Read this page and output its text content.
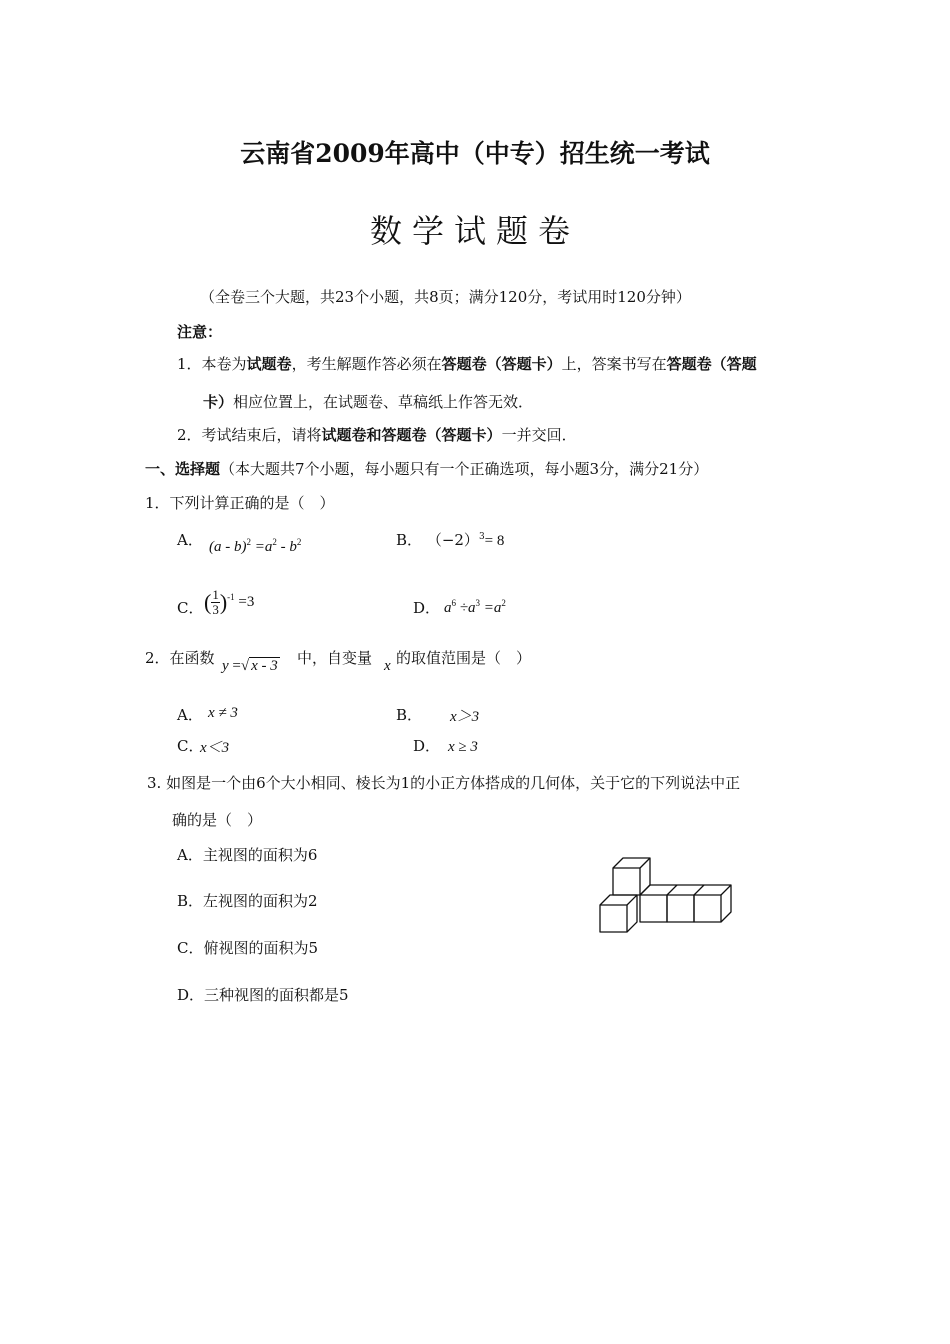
云南省2009年高中（中专）招生统一考试
数学试题卷
（全卷三个大题，共23个小题，共8页；满分120分，考试用时120分钟）
注意：
1．本卷为试题卷，考生解题作答必须在答题卷（答题卡）上，答案书写在答题卷（答题
卡）相应位置上，在试题卷、草稿纸上作答无效．
2．考试结束后，请将试题卷和答题卷（答题卡）一并交回．
一、选择题（本大题共7个小题，每小题只有一个正确选项，每小题3分，满分21分）
1．下列计算正确的是（　）
A． $(a - b)^2 =a^2 - b^2$	B． $(-2)^3= 8$
C． ( $\frac{1}{3} )^{-1} =3$	D． $a^6 \div a^3 =a^2$
2．在函数 y =√ x - 3 中，自变量 x 的取值范围是（　）
A． x ≠ 3	B． x＞3
C．
x＜3	D． x ≥ 3
3. 如图是一个由6个大小相同、棱长为1的小正方体搭成的几何体，关于它的下列说法中正
确的是（　）
A．主视图的面积为6
B．左视图的面积为2
C．俯视图的面积为5
D．三种视图的面积都是5
